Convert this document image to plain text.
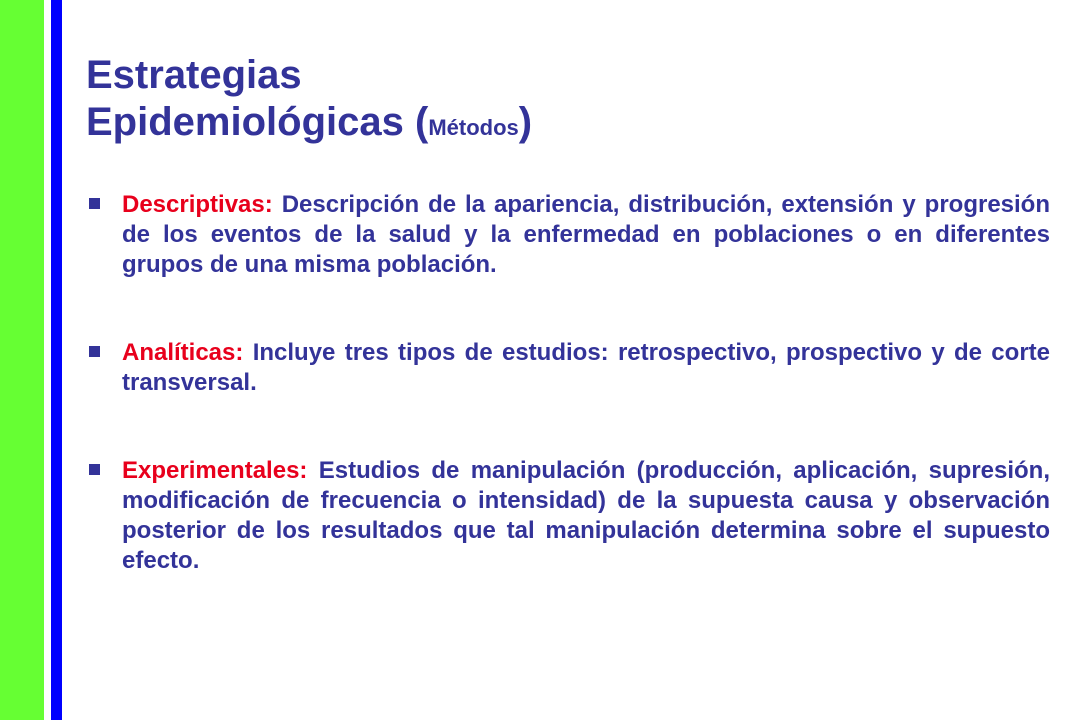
Estrategias
Epidemiológicas (Métodos)
Descriptivas: Descripción de la apariencia, distribución, extensión y progresión de los eventos de la salud y la enfermedad en poblaciones o en diferentes grupos de una misma población.
Analíticas: Incluye tres tipos de estudios: retrospectivo, prospectivo y de corte transversal.
Experimentales: Estudios de manipulación (producción, aplicación, supresión, modificación de frecuencia o intensidad) de la supuesta causa y observación posterior de los resultados que tal manipulación determina sobre el supuesto efecto.
